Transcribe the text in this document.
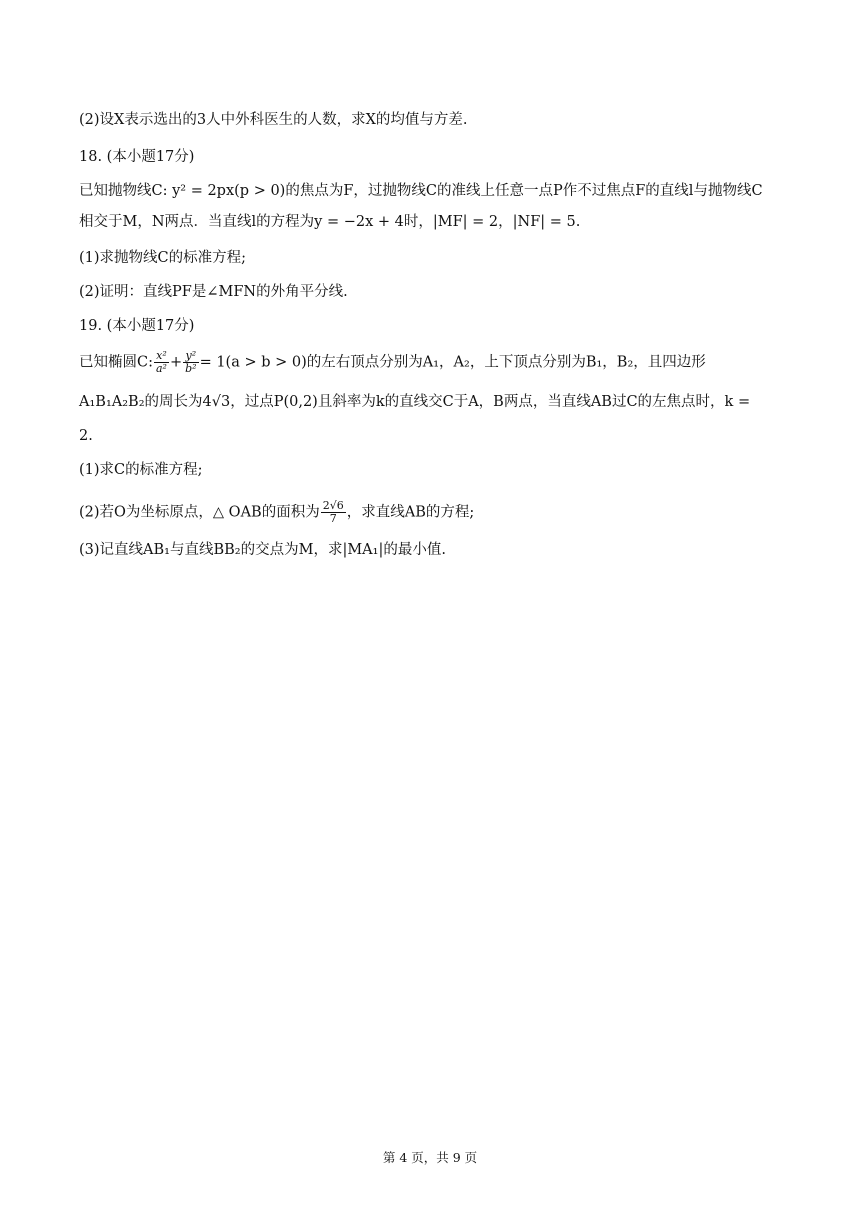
(2)设X表示选出的3人中外科医生的人数，求X的均值与方差.
18. (本小题17分)
已知抛物线C: y² = 2px(p > 0)的焦点为F，过抛物线C的准线上任意一点P作不过焦点F的直线l与抛物线C
相交于M，N两点．当直线l的方程为y = −2x + 4时，|MF| = 2，|NF| = 5.
(1)求抛物线C的标准方程;
(2)证明：直线PF是∠MFN的外角平分线.
19. (本小题17分)
已知椭圆C: $\frac{\text{x²}}{\text{a²}} + \frac{\text{y²}}{\text{b²}} = 1(a > b > 0)$的左右顶点分别为A₁，A₂，上下顶点分别为B₁，B₂，且四边形
A₁B₁A₂B₂的周长为4√3，过点P(0,2)且斜率为k的直线交C于A，B两点，当直线AB过C的左焦点时，k =
2.
(1)求C的标准方程;
(2)若O为坐标原点，△ OAB的面积为 $\frac{2√6}{7}$ ，求直线AB的方程;
(3)记直线AB₁与直线BB₂的交点为M，求|MA₁|的最小值.
第 4 页，共 9 页
